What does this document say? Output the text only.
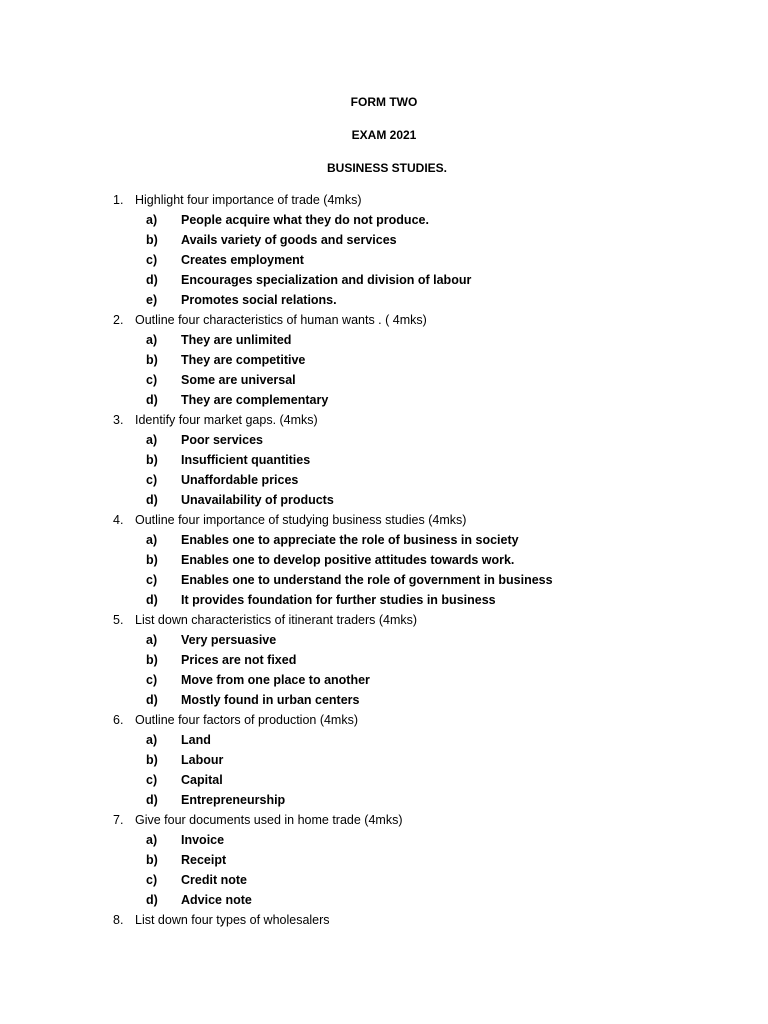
FORM TWO
EXAM 2021
BUSINESS STUDIES.
1. Highlight four importance of trade (4mks)
a) People acquire what they do not produce.
b) Avails variety of goods and services
c) Creates employment
d) Encourages specialization and division of labour
e) Promotes social relations.
2. Outline four characteristics of human wants . ( 4mks)
a) They are unlimited
b) They are competitive
c) Some are universal
d) They are complementary
3. Identify four market gaps. (4mks)
a) Poor services
b) Insufficient quantities
c) Unaffordable prices
d) Unavailability of products
4. Outline four importance of studying business studies (4mks)
a) Enables one to appreciate the role of business in society
b) Enables one to develop positive attitudes towards work.
c) Enables one to understand the role of government in business
d) It provides foundation for further studies in business
5. List down characteristics of itinerant traders (4mks)
a) Very persuasive
b) Prices are not fixed
c) Move from one place to another
d) Mostly found in urban centers
6. Outline four factors of production (4mks)
a) Land
b) Labour
c) Capital
d) Entrepreneurship
7. Give four documents used in home trade (4mks)
a) Invoice
b) Receipt
c) Credit note
d) Advice note
8. List down four types of wholesalers
